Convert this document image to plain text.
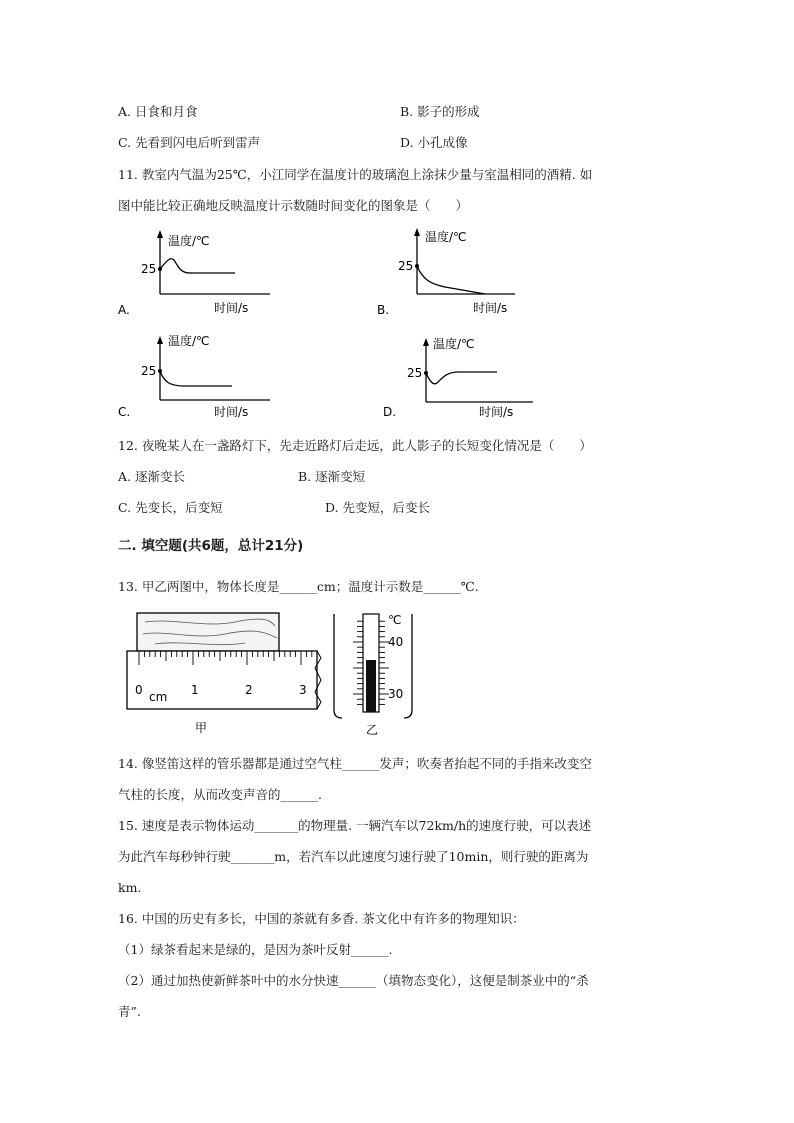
A. 日食和月食	B. 影子的形成
C. 先看到闪电后听到雷声	D. 小孔成像
11. 教室内气温为25℃，小江同学在温度计的玻璃泡上涂抹少量与室温相同的酒精. 如
图中能比较正确地反映温度计示数随时间变化的图象是（　　）
A.
温度/℃
时间/s
25
B.
温度/℃
时间/s
25
C.
温度/℃
时间/s
25
D.
温度/℃
时间/s
25
12. 夜晚某人在一盏路灯下，先走近路灯后走远，此人影子的长短变化情况是（　　）
A. 逐渐变长	B. 逐渐变短
C. 先变长，后变短	D. 先变短，后变长
二. 填空题(共6题，总计21分)
13. 甲乙两图中，物体长度是______cm；温度计示数是______℃.
0	1	2	3
cm
甲
℃
40
30
乙
14. 像竖笛这样的管乐器都是通过空气柱______发声；吹奏者抬起不同的手指来改变空
气柱的长度，从而改变声音的______.
15. 速度是表示物体运动_______的物理量. 一辆汽车以72km/h的速度行驶，可以表述
为此汽车每秒钟行驶_______m，若汽车以此速度匀速行驶了10min，则行驶的距离为
km.
16. 中国的历史有多长，中国的茶就有多香. 茶文化中有许多的物理知识：
（1）绿茶看起来是绿的，是因为茶叶反射______.
（2）通过加热使新鲜茶叶中的水分快速______（填物态变化），这便是制茶业中的“杀
青”.
